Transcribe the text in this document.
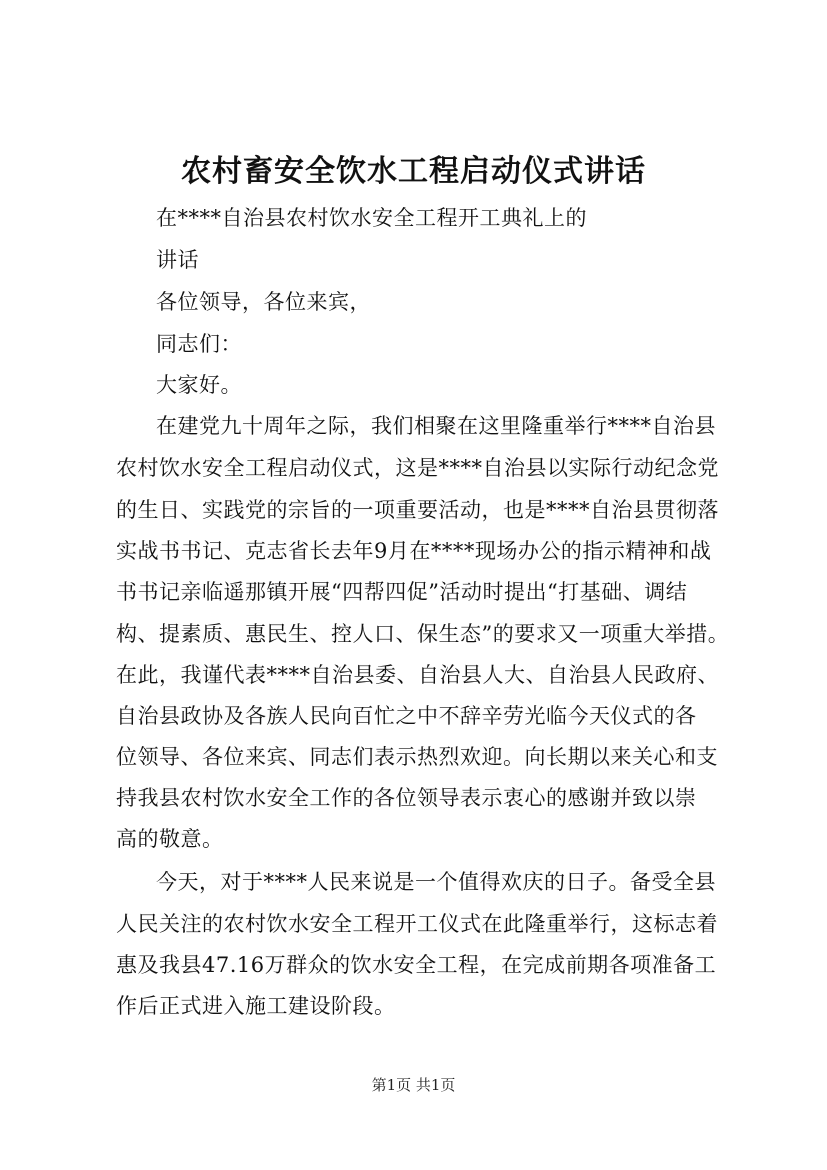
农村畜安全饮水工程启动仪式讲话
在****自治县农村饮水安全工程开工典礼上的
讲话
各位领导，各位来宾，
同志们：
大家好。
在建党九十周年之际，我们相聚在这里隆重举行****自治县
农村饮水安全工程启动仪式，这是****自治县以实际行动纪念党
的生日、实践党的宗旨的一项重要活动，也是****自治县贯彻落
实战书书记、克志省长去年9月在****现场办公的指示精神和战
书书记亲临遥那镇开展“四帮四促”活动时提出“打基础、调结
构、提素质、惠民生、控人口、保生态”的要求又一项重大举措。
在此，我谨代表****自治县委、自治县人大、自治县人民政府、
自治县政协及各族人民向百忙之中不辞辛劳光临今天仪式的各
位领导、各位来宾、同志们表示热烈欢迎。向长期以来关心和支
持我县农村饮水安全工作的各位领导表示衷心的感谢并致以崇
高的敬意。
今天，对于****人民来说是一个值得欢庆的日子。备受全县
人民关注的农村饮水安全工程开工仪式在此隆重举行，这标志着
惠及我县47.16万群众的饮水安全工程，在完成前期各项准备工
作后正式进入施工建设阶段。
第1页 共1页
